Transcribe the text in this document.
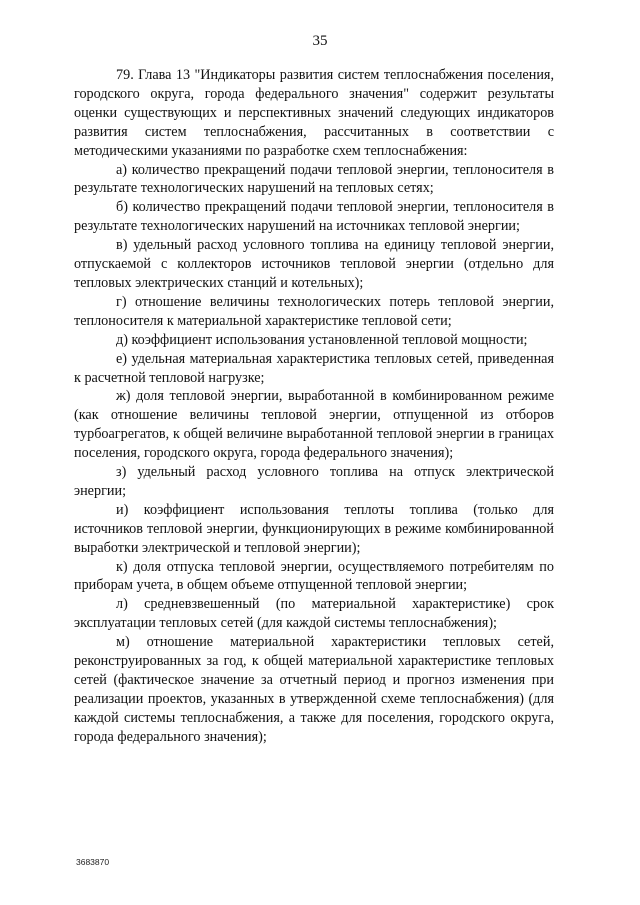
35

79. Глава 13 "Индикаторы развития систем теплоснабжения поселения, городского округа, города федерального значения" содержит результаты оценки существующих и перспективных значений следующих индикаторов развития систем теплоснабжения, рассчитанных в соответствии с методическими указаниями по разработке схем теплоснабжения:

а) количество прекращений подачи тепловой энергии, теплоносителя в результате технологических нарушений на тепловых сетях;

б) количество прекращений подачи тепловой энергии, теплоносителя в результате технологических нарушений на источниках тепловой энергии;

в) удельный расход условного топлива на единицу тепловой энергии, отпускаемой с коллекторов источников тепловой энергии (отдельно для тепловых электрических станций и котельных);

г) отношение величины технологических потерь тепловой энергии, теплоносителя к материальной характеристике тепловой сети;

д) коэффициент использования установленной тепловой мощности;

е) удельная материальная характеристика тепловых сетей, приведенная к расчетной тепловой нагрузке;

ж) доля тепловой энергии, выработанной в комбинированном режиме (как отношение величины тепловой энергии, отпущенной из отборов турбоагрегатов, к общей величине выработанной тепловой энергии в границах поселения, городского округа, города федерального значения);

з) удельный расход условного топлива на отпуск электрической энергии;

и) коэффициент использования теплоты топлива (только для источников тепловой энергии, функционирующих в режиме комбинированной выработки электрической и тепловой энергии);

к) доля отпуска тепловой энергии, осуществляемого потребителям по приборам учета, в общем объеме отпущенной тепловой энергии;

л) средневзвешенный (по материальной характеристике) срок эксплуатации тепловых сетей (для каждой системы теплоснабжения);

м) отношение материальной характеристики тепловых сетей, реконструированных за год, к общей материальной характеристике тепловых сетей (фактическое значение за отчетный период и прогноз изменения при реализации проектов, указанных в утвержденной схеме теплоснабжения) (для каждой системы теплоснабжения, а также для поселения, городского округа, города федерального значения);

3683870
